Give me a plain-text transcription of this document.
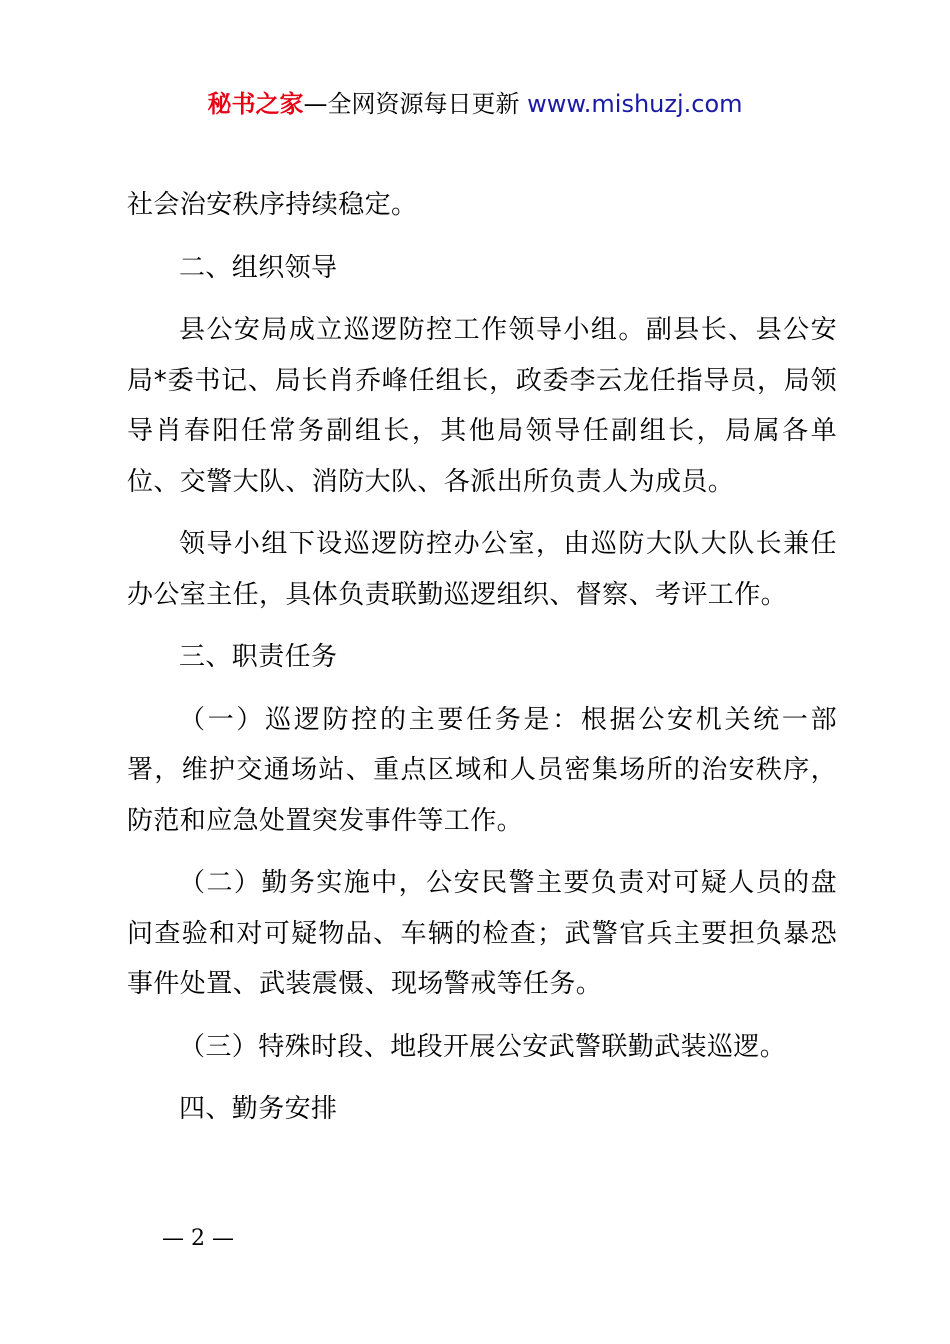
秘书之家—全网资源每日更新 www.mishuzj.com

社会治安秩序持续稳定。

二、组织领导

县公安局成立巡逻防控工作领导小组。副县长、县公安局*委书记、局长肖乔峰任组长，政委李云龙任指导员，局领导肖春阳任常务副组长，其他局领导任副组长，局属各单位、交警大队、消防大队、各派出所负责人为成员。

领导小组下设巡逻防控办公室，由巡防大队大队长兼任办公室主任，具体负责联勤巡逻组织、督察、考评工作。

三、职责任务

（一）巡逻防控的主要任务是：根据公安机关统一部署，维护交通场站、重点区域和人员密集场所的治安秩序，防范和应急处置突发事件等工作。

（二）勤务实施中，公安民警主要负责对可疑人员的盘问查验和对可疑物品、车辆的检查；武警官兵主要担负暴恐事件处置、武装震慑、现场警戒等任务。

（三）特殊时段、地段开展公安武警联勤武装巡逻。

四、勤务安排

— 2 —
